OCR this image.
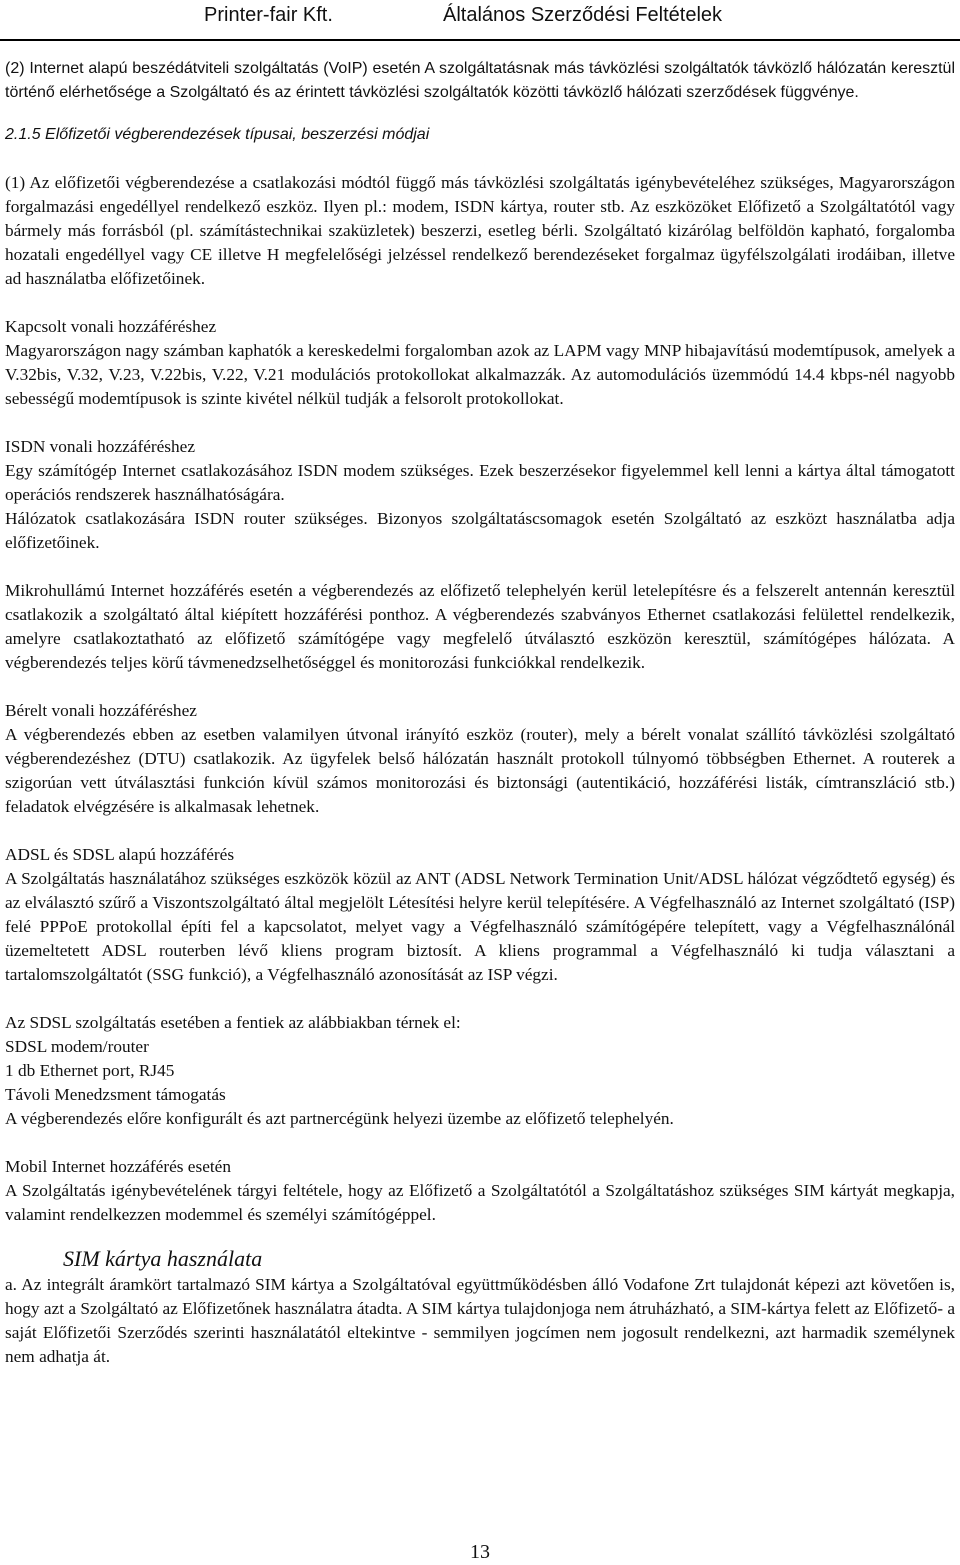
Printer-fair Kft.	Általános Szerződési Feltételek

(2) Internet alapú beszédátviteli szolgáltatás (VoIP) esetén A szolgáltatásnak más távközlési szolgáltatók távközlő hálózatán keresztül történő elérhetősége a Szolgáltató és az érintett távközlési szolgáltatók közötti távközlő hálózati szerződések függvénye.

2.1.5 Előfizetői végberendezések típusai, beszerzési módjai

(1) Az előfizetői végberendezése a csatlakozási módtól függő más távközlési szolgáltatás igénybevételéhez szükséges, Magyarországon forgalmazási engedéllyel rendelkező eszköz. Ilyen pl.: modem, ISDN kártya, router stb. Az eszközöket Előfizető a Szolgáltatótól vagy bármely más forrásból (pl. számítástechnikai szaküzletek) beszerzi, esetleg bérli. Szolgáltató kizárólag belföldön kapható, forgalomba hozatali engedéllyel vagy CE illetve H megfelelőségi jelzéssel rendelkező berendezéseket forgalmaz ügyfélszolgálati irodáiban, illetve ad használatba előfizetőinek.

Kapcsolt vonali hozzáféréshez

Magyarországon nagy számban kaphatók a kereskedelmi forgalomban azok az LAPM vagy MNP hibajavítású modemtípusok, amelyek a V.32bis, V.32, V.23, V.22bis, V.22, V.21 modulációs protokollokat alkalmazzák. Az automodulációs üzemmódú 14.4 kbps-nél nagyobb sebességű modemtípusok is szinte kivétel nélkül tudják a felsorolt protokollokat.

ISDN vonali hozzáféréshez

Egy számítógép Internet csatlakozásához ISDN modem szükséges. Ezek beszerzésekor figyelemmel kell lenni a kártya által támogatott operációs rendszerek használhatóságára.

Hálózatok csatlakozására ISDN router szükséges. Bizonyos szolgáltatáscsomagok esetén Szolgáltató az eszközt használatba adja előfizetőinek.

Mikrohullámú Internet hozzáférés esetén a végberendezés az előfizető telephelyén kerül letelepítésre és a felszerelt antennán keresztül csatlakozik a szolgáltató által kiépített hozzáférési ponthoz. A végberendezés szabványos Ethernet csatlakozási felülettel rendelkezik, amelyre csatlakoztatható az előfizető számítógépe vagy megfelelő útválasztó eszközön keresztül, számítógépes hálózata. A végberendezés teljes körű távmenedzselhetőséggel és monitorozási funkciókkal rendelkezik.

Bérelt vonali hozzáféréshez

A végberendezés ebben az esetben valamilyen útvonal irányító eszköz (router), mely a bérelt vonalat szállító távközlési szolgáltató végberendezéshez (DTU) csatlakozik. Az ügyfelek belső hálózatán használt protokoll túlnyomó többségben Ethernet. A routerek a szigorúan vett útválasztási funkción kívül számos monitorozási és biztonsági (autentikáció, hozzáférési listák, címtranszláció stb.) feladatok elvégzésére is alkalmasak lehetnek.

ADSL és SDSL alapú hozzáférés

A Szolgáltatás használatához szükséges eszközök közül az ANT (ADSL Network Termination Unit/ADSL hálózat végződtető egység) és az elválasztó szűrő a Viszontszolgáltató által megjelölt Létesítési helyre kerül telepítésére. A Végfelhasználó az Internet szolgáltató (ISP) felé PPPoE protokollal építi fel a kapcsolatot, melyet vagy a Végfelhasználó számítógépére telepített, vagy a Végfelhasználónál üzemeltetett ADSL routerben lévő kliens program biztosít. A kliens programmal a Végfelhasználó ki tudja választani a tartalomszolgáltatót (SSG funkció), a Végfelhasználó azonosítását az ISP végzi.

Az SDSL szolgáltatás esetében a fentiek az alábbiakban térnek el:

SDSL modem/router

1 db Ethernet port, RJ45

Távoli Menedzsment támogatás

A végberendezés előre konfigurált és azt partnercégünk helyezi üzembe az előfizető telephelyén.

Mobil Internet hozzáférés esetén

A Szolgáltatás igénybevételének tárgyi feltétele, hogy az Előfizető a Szolgáltatótól a Szolgáltatáshoz szükséges SIM kártyát megkapja, valamint rendelkezzen modemmel és személyi számítógéppel.

SIM kártya használata

a. Az integrált áramkört tartalmazó SIM kártya a Szolgáltatóval együttműködésben álló Vodafone Zrt tulajdonát képezi azt követően is, hogy azt a Szolgáltató az Előfizetőnek használatra átadta. A SIM kártya tulajdonjoga nem átruházható, a SIM-kártya felett az Előfizető- a saját Előfizetői Szerződés szerinti használatától eltekintve - semmilyen jogcímen nem jogosult rendelkezni, azt harmadik személynek nem adhatja át.

13
